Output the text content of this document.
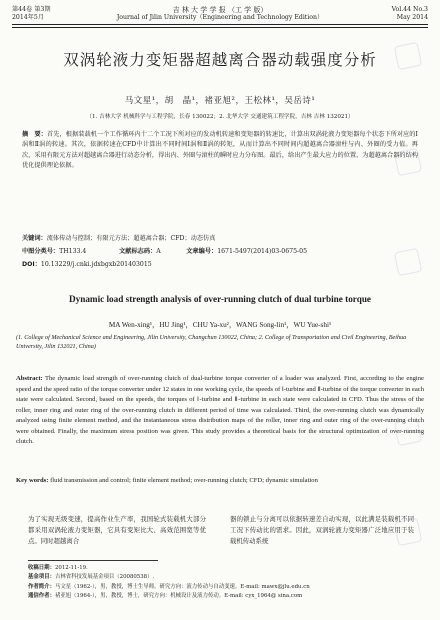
第44卷 第3期
2014年5月
吉 林 大 学 学 报 （工 学 版）
Journal of Jilin University（Engineering and Technology Edition）
Vol.44 No.3
May 2014
双涡轮液力变矩器超越离合器动载强度分析
马文星¹，胡　晶¹，褚亚旭²，王松林¹，吴岳诗¹
（1. 吉林大学 机械科学与工程学院，长春 130022；2. 北华大学 交通建筑工程学院，吉林 吉林 132021）
摘　要：首先，根据装载机一个工作循环内十二个工况下所对应的发动机转速和变矩器的转速比，计算出双涡轮液力变矩器每个状态下所对应的Ⅰ涡和Ⅱ涡的转速。其次，依据转速在CFD中计算出不同时间Ⅰ涡和Ⅱ涡的转矩，从而计算出不同时间内超越离合器滚柱与内、外圈的受力值。再次，采用有限元方法对超越离合器进行动态分析，得出内、外圈与滚柱的瞬时应力分布图。最后，给出产生最大应力的位置，为超越离合器的结构优化提供理论依据。
关键词：流体传动与控制；有限元方法；超越离合器；CFD；动态仿真
中图分类号：TH133.4	文献标志码：A	文章编号：1671-5497(2014)03-0675-05
DOI：10.13229/j.cnki.jdxbgxb201403015
Dynamic load strength analysis of over-running clutch of dual turbine torque
MA Wen-xing¹，HU Jing¹，CHU Ya-xu²，WANG Song-lin¹，WU Yue-shi¹
(1. College of Mechanical Science and Engineering, Jilin University, Changchun 130022, China; 2. College of Transportation and Civil Engineering, Beihua University, Jilin 132021, China)
Abstract: The dynamic load strength of over-running clutch of dual-turbine torque converter of a loader was analyzed. First, according to the engine speed and the speed ratio of the torque converter under 12 states in one working cycle, the speeds of Ⅰ-turbine and Ⅱ-turbine of the torque converter in each state were calculated. Second, based on the speeds, the torques of Ⅰ-turbine and Ⅱ-turbine in each state were calculated in CFD. Thus the stress of the roller, inner ring and outer ring of the over-running clutch in different period of time was calculated. Third, the over-running clutch was dynamically analyzed using finite element method, and the instantaneous stress distribution maps of the roller, inner ring and outer ring of the over-running clutch were obtained. Finally, the maximum stress position was given. This study provides a theoretical basis for the structural optimization of over-running clutch.
Key words: fluid transmission and control; finite element method; over-running clutch; CFD; dynamic simulation
为了实现无级变速，提高作业生产率，我国轮式装载机大部分都采用双涡轮液力变矩器，它具有变矩比大、高效范围宽等优点。同时超越离合
器的锁止与分离可以依据转速差自动实现，以此满足装载机不同工况下传动比的需求。因此，双涡轮液力变矩器广泛地应用于装载机传动系统
收稿日期：2012-11-19.
基金项目：吉林省科技发展基金项目（20080538）.
作者简介：马文星（1962-），男，教授，博士生导师。研究方向：液力传动与自动变速。E-mail: mawx@jlu.edu.cn
通信作者：褚亚旭（1964-），男，教授，博士，研究方向：机械设计及液力传动。E-mail: cyx_1964@ sina.com
